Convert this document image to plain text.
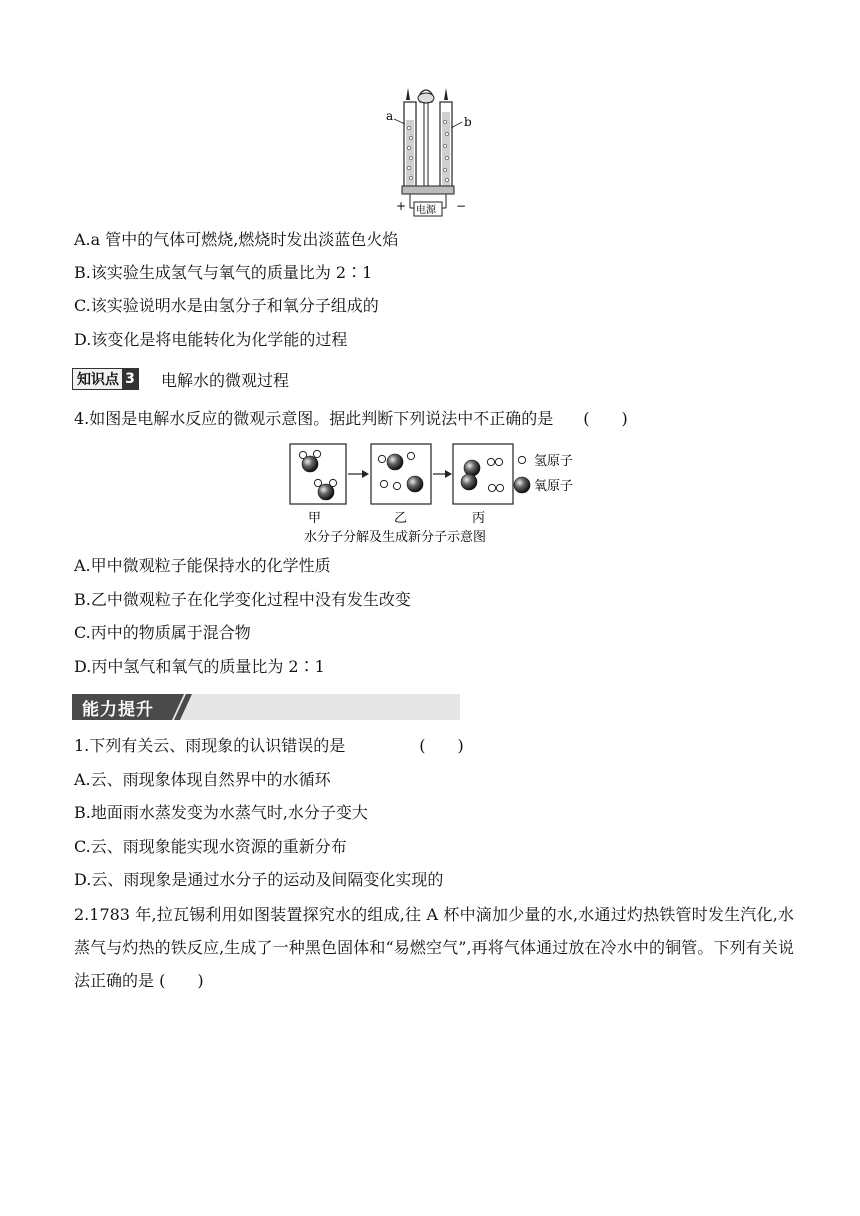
a	b
+	−
电源
A.a 管中的气体可燃烧,燃烧时发出淡蓝色火焰
B.该实验生成氢气与氧气的质量比为 2∶1
C.该实验说明水是由氢分子和氧分子组成的
D.该变化是将电能转化为化学能的过程
知识点 3 电解水的微观过程
4.如图是电解水反应的微观示意图。据此判断下列说法中不正确的是 (　　)
氢原子
氧原子
甲	乙	丙
水分子分解及生成新分子示意图
A.甲中微观粒子能保持水的化学性质
B.乙中微观粒子在化学变化过程中没有发生改变
C.丙中的物质属于混合物
D.丙中氢气和氧气的质量比为 2∶1
能力提升
1.下列有关云、雨现象的认识错误的是	(　　)
A.云、雨现象体现自然界中的水循环
B.地面雨水蒸发变为水蒸气时,水分子变大
C.云、雨现象能实现水资源的重新分布
D.云、雨现象是通过水分子的运动及间隔变化实现的
2.1783 年,拉瓦锡利用如图装置探究水的组成,往 A 杯中滴加少量的水,水通过灼热铁管时发生汽化,水蒸气与灼热的铁反应,生成了一种黑色固体和“易燃空气”,再将气体通过放在冷水中的铜管。下列有关说法正确的是 (　　)
